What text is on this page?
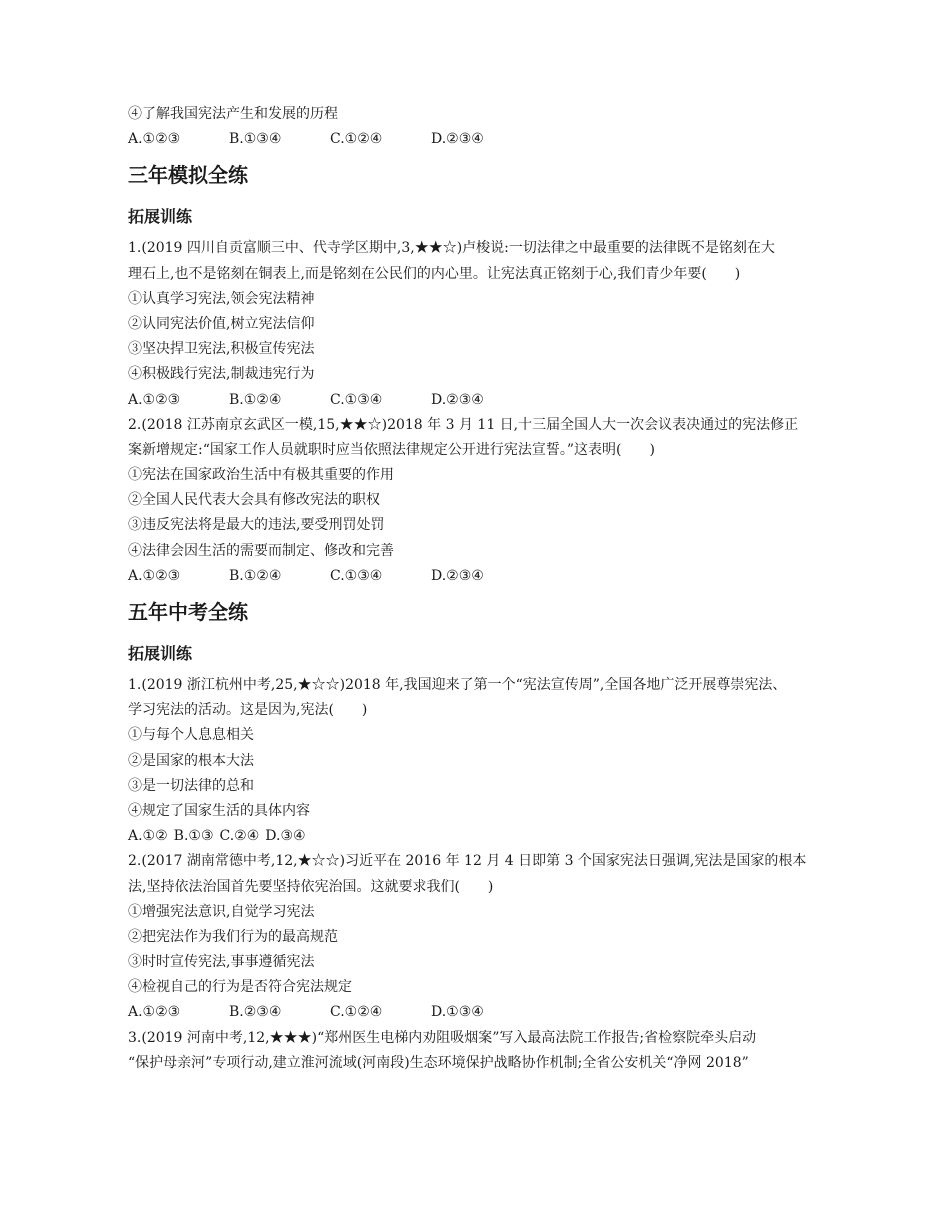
④了解我国宪法产生和发展的历程
A.①②③	B.①③④	C.①②④	D.②③④
三年模拟全练
拓展训练
1.(2019 四川自贡富顺三中、代寺学区期中,3,★★☆)卢梭说:一切法律之中最重要的法律既不是铭刻在大
理石上,也不是铭刻在铜表上,而是铭刻在公民们的内心里。让宪法真正铭刻于心,我们青少年要(　　)
①认真学习宪法,领会宪法精神
②认同宪法价值,树立宪法信仰
③坚决捍卫宪法,积极宣传宪法
④积极践行宪法,制裁违宪行为
A.①②③	B.①②④	C.①③④	D.②③④
2.(2018 江苏南京玄武区一模,15,★★☆)2018 年 3 月 11 日,十三届全国人大一次会议表决通过的宪法修正
案新增规定:“国家工作人员就职时应当依照法律规定公开进行宪法宣誓。”这表明(　　)
①宪法在国家政治生活中有极其重要的作用
②全国人民代表大会具有修改宪法的职权
③违反宪法将是最大的违法,要受刑罚处罚
④法律会因生活的需要而制定、修改和完善
A.①②③	B.①②④	C.①③④	D.②③④
五年中考全练
拓展训练
1.(2019 浙江杭州中考,25,★☆☆)2018 年,我国迎来了第一个“宪法宣传周”,全国各地广泛开展尊崇宪法、
学习宪法的活动。这是因为,宪法(　　)
①与每个人息息相关
②是国家的根本大法
③是一切法律的总和
④规定了国家生活的具体内容
A.①② B.①③ C.②④ D.③④
2.(2017 湖南常德中考,12,★☆☆)习近平在 2016 年 12 月 4 日即第 3 个国家宪法日强调,宪法是国家的根本
法,坚持依法治国首先要坚持依宪治国。这就要求我们(　　)
①增强宪法意识,自觉学习宪法
②把宪法作为我们行为的最高规范
③时时宣传宪法,事事遵循宪法
④检视自己的行为是否符合宪法规定
A.①②③	B.②③④	C.①②④	D.①③④
3.(2019 河南中考,12,★★★)“郑州医生电梯内劝阻吸烟案”写入最高法院工作报告;省检察院牵头启动
“保护母亲河”专项行动,建立淮河流域(河南段)生态环境保护战略协作机制;全省公安机关“净网 2018”
